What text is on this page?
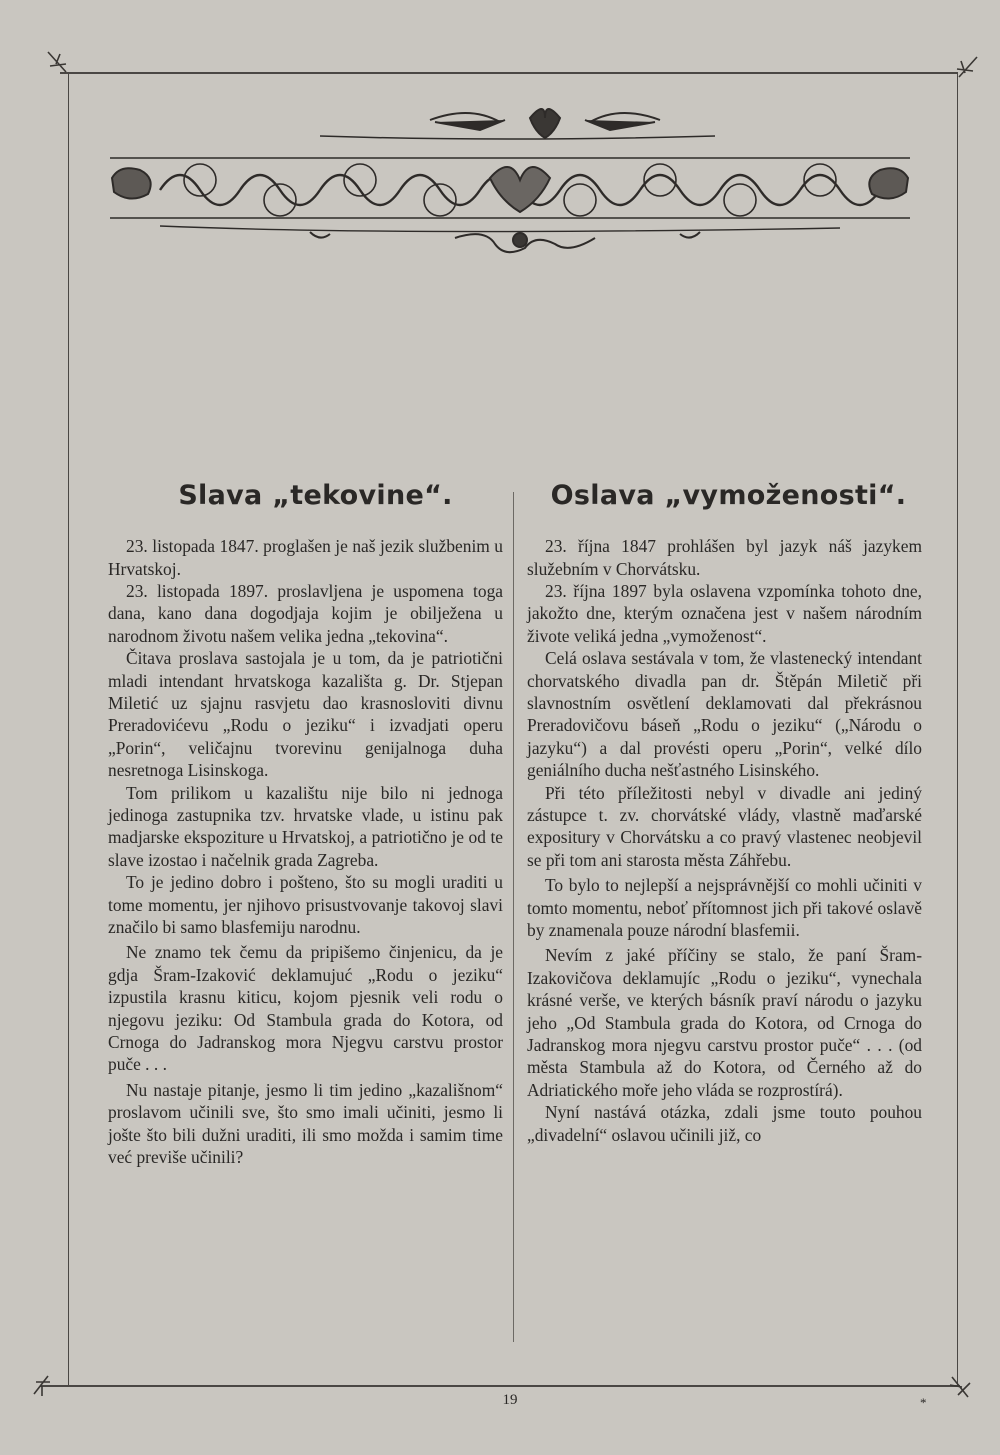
Slava „tekovine“.

23. listopada 1847. proglašen je naš jezik službenim u Hrvatskoj.

23. listopada 1897. proslavljena je uspomena toga dana, kano dana dogodjaja kojim je obilježena u narodnom životu našem velika jedna „tekovina“.

Čitava proslava sastojala je u tom, da je patriotični mladi intendant hrvatskoga kazališta g. Dr. Stjepan Miletić uz sjajnu rasvjetu dao krasnosloviti divnu Preradovićevu „Rodu o jeziku“ i izvadjati operu „Porin“, veličajnu tvorevinu genijalnoga duha nesretnoga Lisinskoga.

Tom prilikom u kazalištu nije bilo ni jednoga jedinoga zastupnika tzv. hrvatske vlade, u istinu pak madjarske ekspoziture u Hrvatskoj, a patriotično je od te slave izostao i načelnik grada Zagreba.

To je jedino dobro i pošteno, što su mogli uraditi u tome momentu, jer njihovo prisustvovanje takovoj slavi značilo bi samo blasfemiju narodnu.

Ne znamo tek čemu da pripišemo činjenicu, da je gdja Šram-Izaković deklamujuć „Rodu o jeziku“ izpustila krasnu kiticu, kojom pjesnik veli rodu o njegovu jeziku: Od Stambula grada do Kotora, od Crnoga do Jadranskog mora Njegvu carstvu prostor puče . . .

Nu nastaje pitanje, jesmo li tim jedino „kazališnom“ proslavom učinili sve, što smo imali učiniti, jesmo li jošte što bili dužni uraditi, ili smo možda i samim time već previše učinili?

Oslava „vymoženosti“.

23. října 1847 prohlášen byl jazyk náš jazykem služebním v Chorvátsku.

23. října 1897 byla oslavena vzpomínka tohoto dne, jakožto dne, kterým označena jest v našem národním živote veliká jedna „vymoženost“.

Celá oslava sestávala v tom, že vlastenecký intendant chorvatského divadla pan dr. Štěpán Miletič při slavnostním osvětlení deklamovati dal překrásnou Preradovičovu báseň „Rodu o jeziku“ („Národu o jazyku“) a dal provésti operu „Porin“, velké dílo geniálního ducha nešťastného Lisinského.

Při této příležitosti nebyl v divadle ani jediný zástupce t. zv. chorvátské vlády, vlastně maďarské expositury v Chorvátsku a co pravý vlastenec neobjevil se při tom ani starosta města Záhřebu.

To bylo to nejlepší a nejsprávnější co mohli učiniti v tomto momentu, neboť přítomnost jich při takové oslavě by znamenala pouze národní blasfemii.

Nevím z jaké příčiny se stalo, že paní Šram-Izakovičova deklamujíc „Rodu o jeziku“, vynechala krásné verše, ve kterých básník praví národu o jazyku jeho „Od Stambula grada do Kotora, od Crnoga do Jadranskog mora njegvu carstvu prostor puče“ . . . (od města Stambula až do Kotora, od Černého až do Adriatického moře jeho vláda se rozprostírá).

Nyní nastává otázka, zdali jsme touto pouhou „divadelní“ oslavou učinili již, co

19	*
